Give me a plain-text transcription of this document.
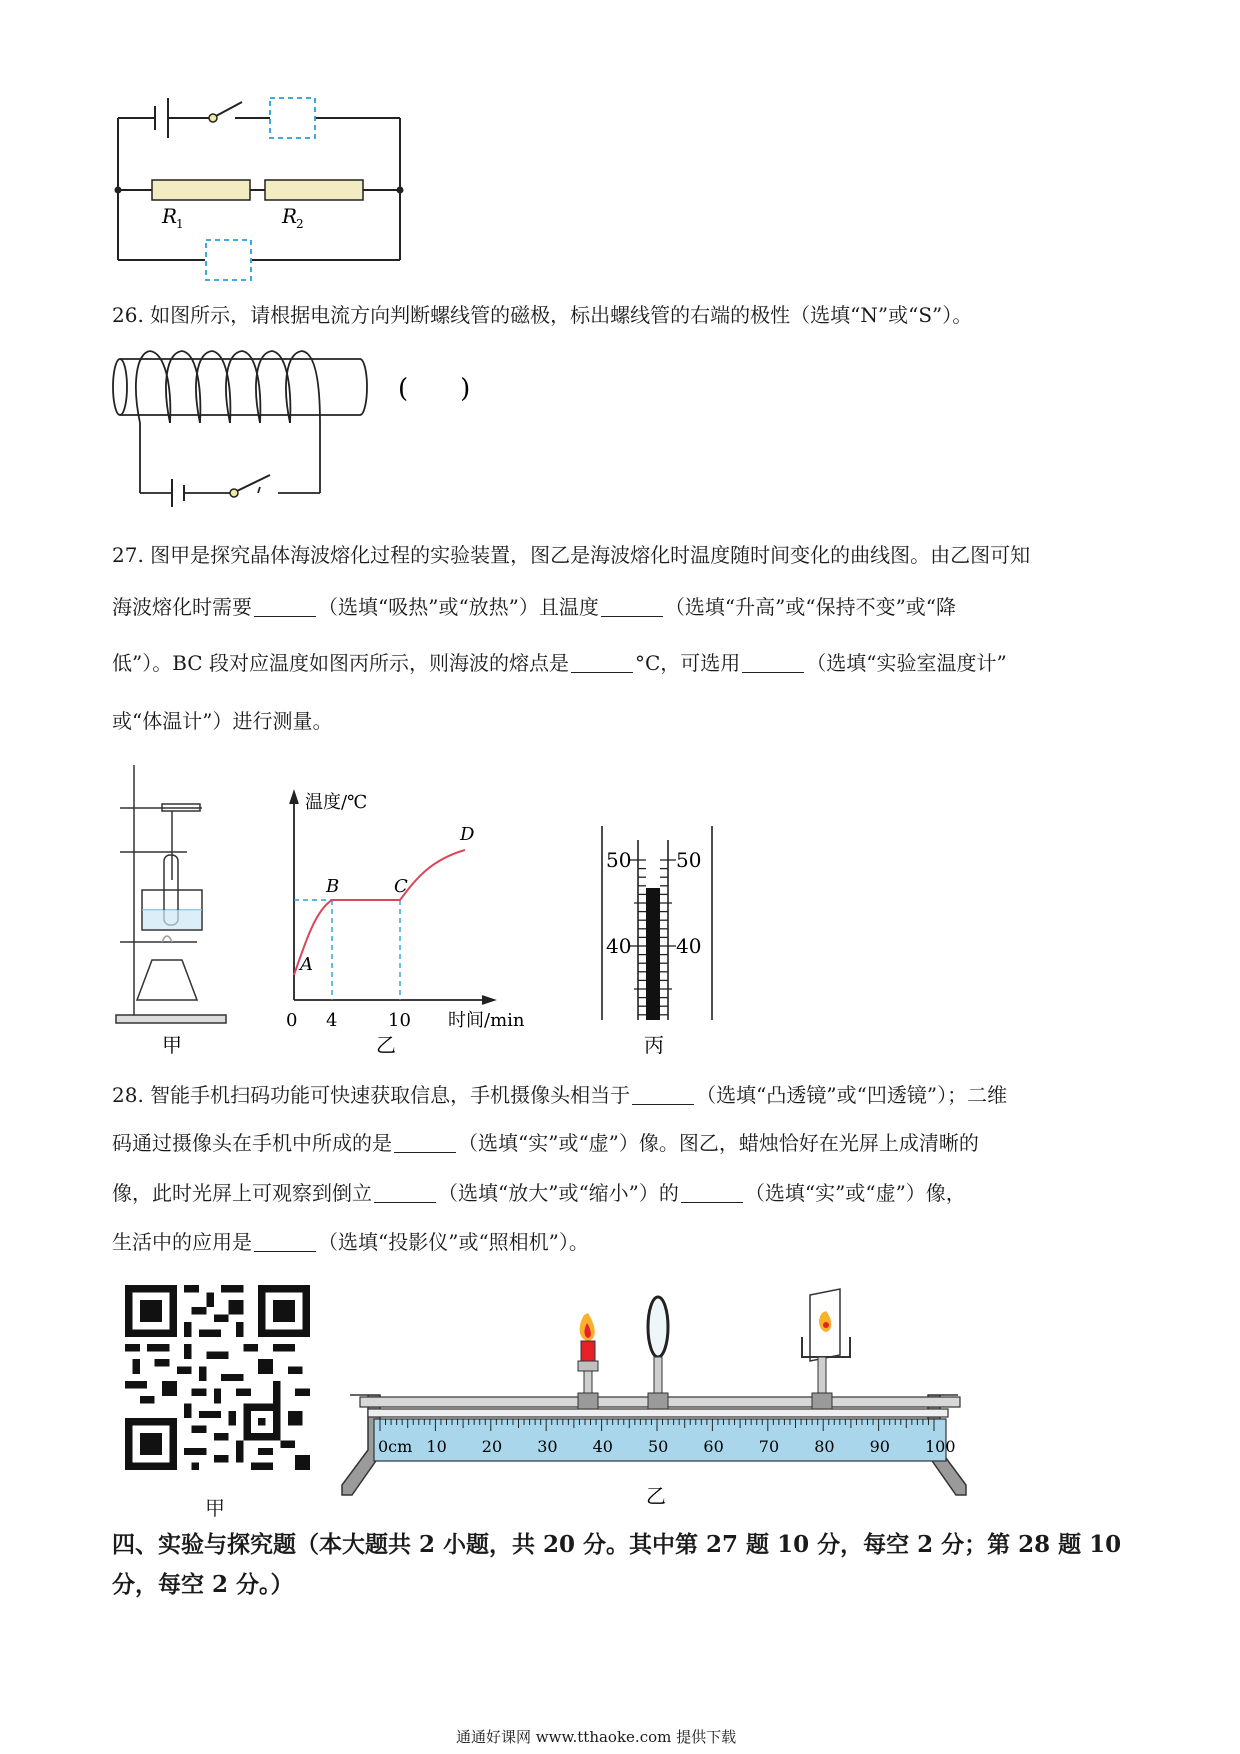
R
1	R
2
26. 如图所示，请根据电流方向判断螺线管的磁极，标出螺线管的右端的极性（选填“N”或“S”）。
(　　)
27. 图甲是探究晶体海波熔化过程的实验装置，图乙是海波熔化时温度随时间变化的曲线图。由乙图可知
海波熔化时需要	（选填“吸热”或“放热”）且温度	（选填“升高”或“保持不变”或“降
低”）。BC 段对应温度如图丙所示，则海波的熔点是	°C，可选用	（选填“实验室温度计”
或“体温计”）进行测量。
甲
温度/℃
时间/min
0 4	10
A
B	C
D
乙
50 50
40 40
丙
28. 智能手机扫码功能可快速获取信息，手机摄像头相当于	（选填“凸透镜”或“凹透镜”）；二维
码通过摄像头在手机中所成的是	（选填“实”或“虚”）像。图乙，蜡烛恰好在光屏上成清晰的
像，此时光屏上可观察到倒立	（选填“放大”或“缩小”）的	（选填“实”或“虚”）像，
生活中的应用是	（选填“投影仪”或“照相机”）。
甲
0cm 10 20 30 40 50 60 70 80 90 100
乙
四、实验与探究题（本大题共 2 小题，共 20 分。其中第 27 题 10 分，每空 2 分；第 28 题 10
分，每空 2 分。）
通通好课网 www.tthaoke.com 提供下载
